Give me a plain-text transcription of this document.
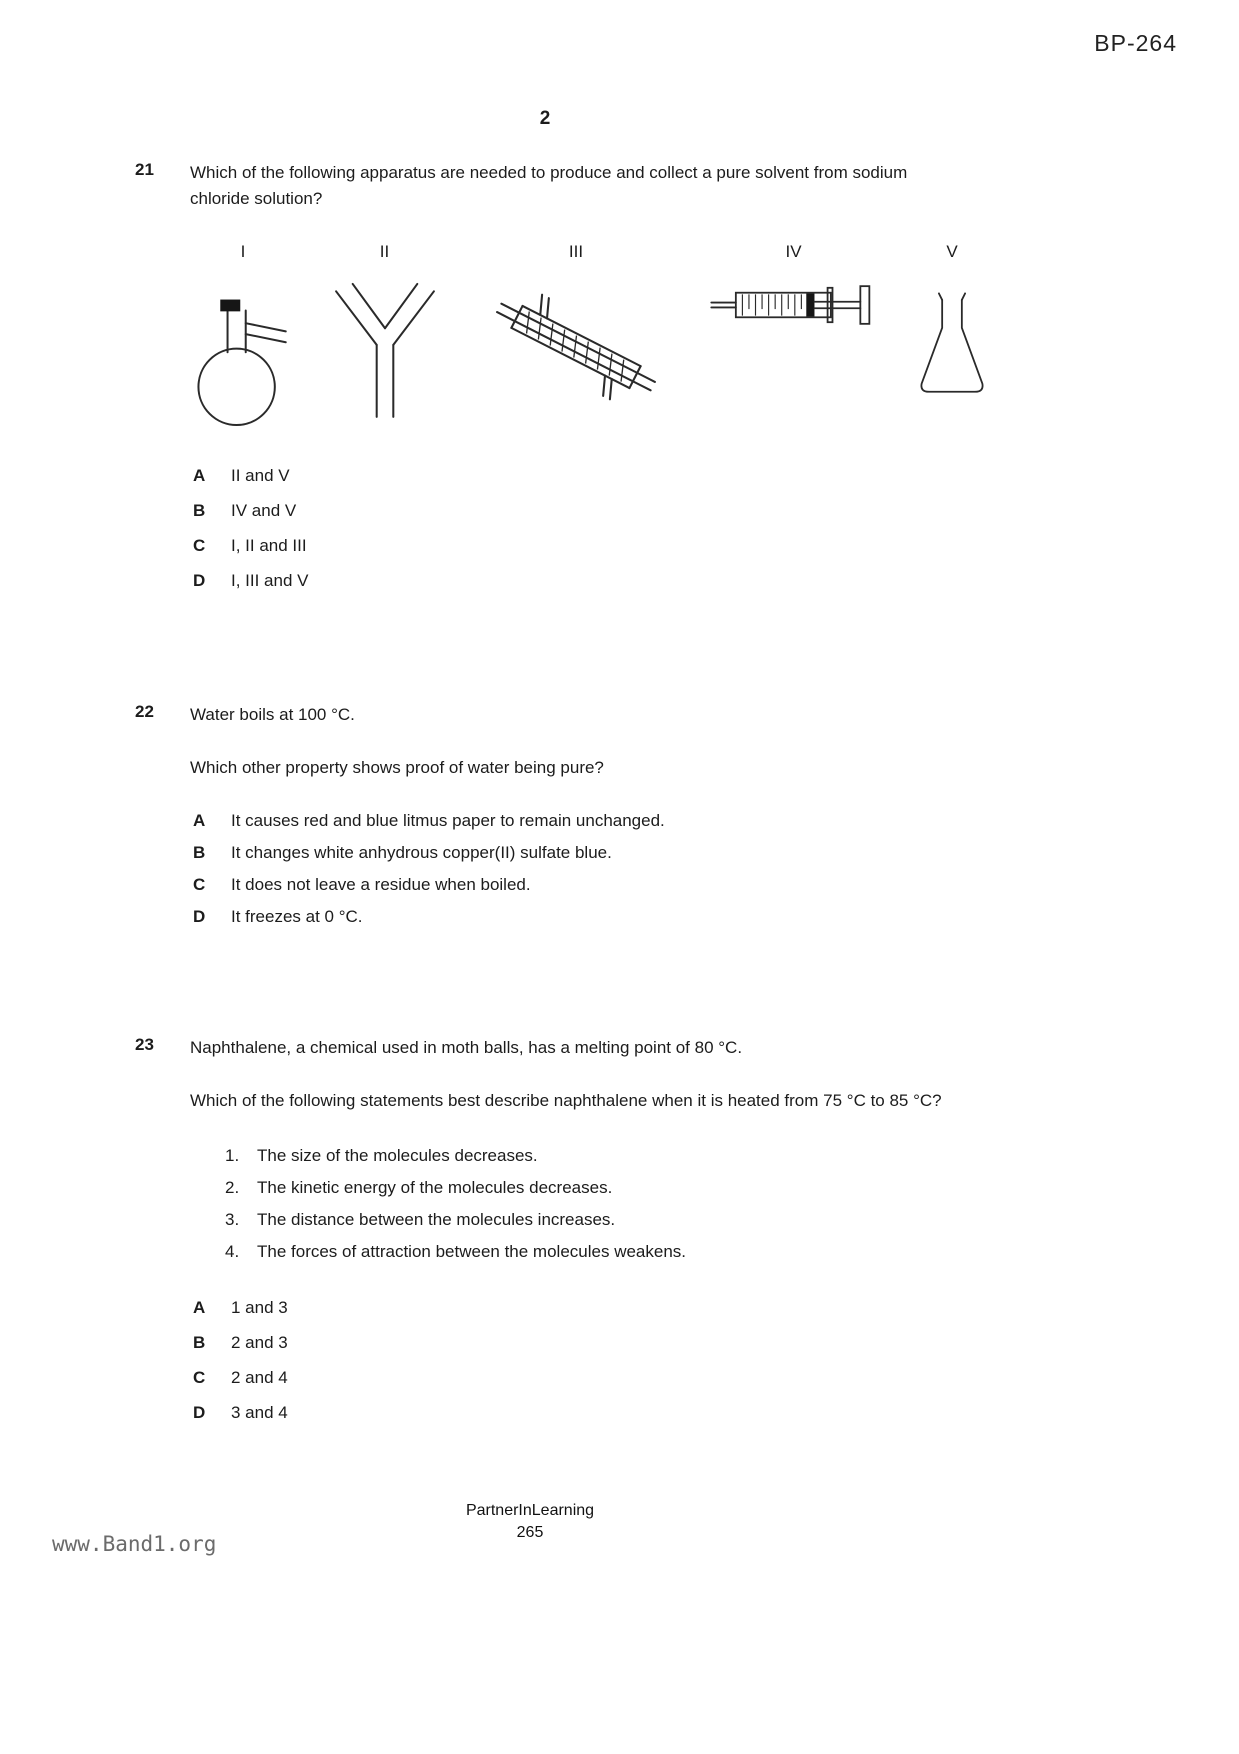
BP-264
2
21	Which of the following apparatus are needed to produce and collect a pure solvent from sodium chloride solution?
I	II	III	IV	V
A	II and V
B	IV and V
C	I, II and III
D	I, III and V
22	Water boils at 100 °C.
Which other property shows proof of water being pure?
A	It causes red and blue litmus paper to remain unchanged.
B	It changes white anhydrous copper(II) sulfate blue.
C	It does not leave a residue when boiled.
D	It freezes at 0 °C.
23	Naphthalene, a chemical used in moth balls, has a melting point of 80 °C.
Which of the following statements best describe naphthalene when it is heated from 75 °C to 85 °C?
1.	The size of the molecules decreases.
2.	The kinetic energy of the molecules decreases.
3.	The distance between the molecules increases.
4.	The forces of attraction between the molecules weakens.
A	1 and 3
B	2 and 3
C	2 and 4
D	3 and 4
PartnerInLearning
265
www.Band1.org
